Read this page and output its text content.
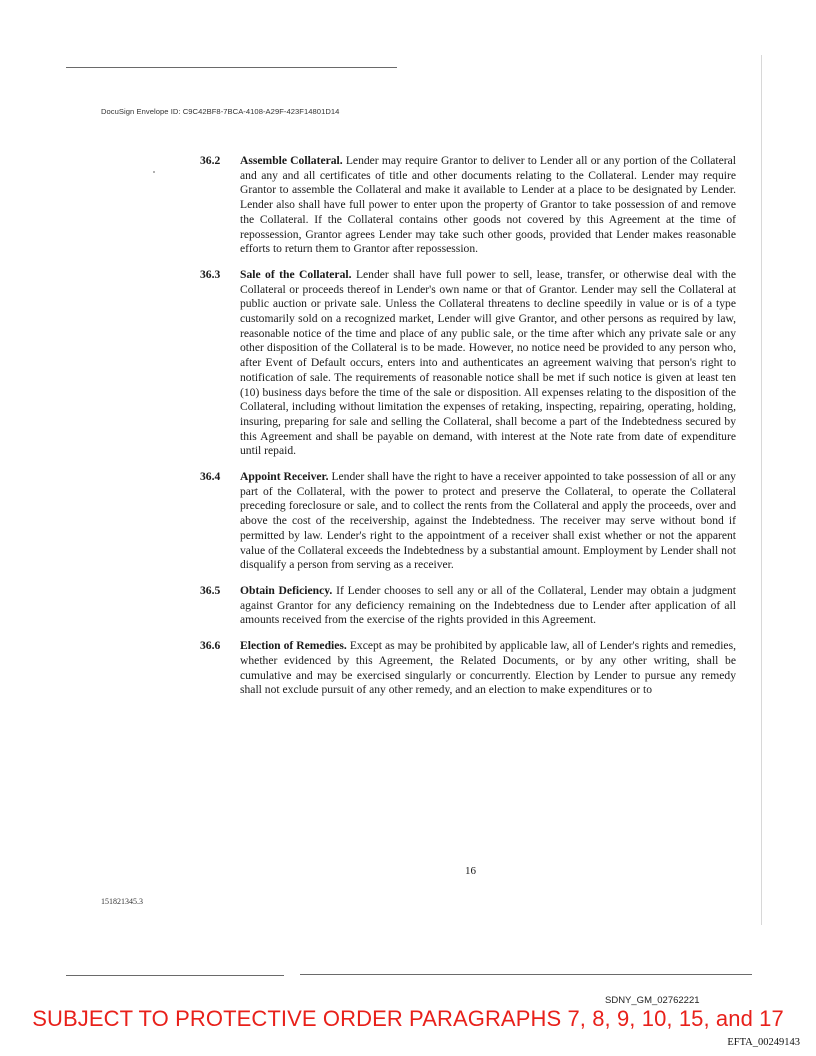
DocuSign Envelope ID: C9C42BF8-7BCA-4108-A29F-423F14801D14
36.2 Assemble Collateral. Lender may require Grantor to deliver to Lender all or any portion of the Collateral and any and all certificates of title and other documents relating to the Collateral. Lender may require Grantor to assemble the Collateral and make it available to Lender at a place to be designated by Lender. Lender also shall have full power to enter upon the property of Grantor to take possession of and remove the Collateral. If the Collateral contains other goods not covered by this Agreement at the time of repossession, Grantor agrees Lender may take such other goods, provided that Lender makes reasonable efforts to return them to Grantor after repossession.

36.3 Sale of the Collateral. Lender shall have full power to sell, lease, transfer, or otherwise deal with the Collateral or proceeds thereof in Lender's own name or that of Grantor. Lender may sell the Collateral at public auction or private sale. Unless the Collateral threatens to decline speedily in value or is of a type customarily sold on a recognized market, Lender will give Grantor, and other persons as required by law, reasonable notice of the time and place of any public sale, or the time after which any private sale or any other disposition of the Collateral is to be made. However, no notice need be provided to any person who, after Event of Default occurs, enters into and authenticates an agreement waiving that person's right to notification of sale. The requirements of reasonable notice shall be met if such notice is given at least ten (10) business days before the time of the sale or disposition. All expenses relating to the disposition of the Collateral, including without limitation the expenses of retaking, inspecting, repairing, operating, holding, insuring, preparing for sale and selling the Collateral, shall become a part of the Indebtedness secured by this Agreement and shall be payable on demand, with interest at the Note rate from date of expenditure until repaid.

36.4 Appoint Receiver. Lender shall have the right to have a receiver appointed to take possession of all or any part of the Collateral, with the power to protect and preserve the Collateral, to operate the Collateral preceding foreclosure or sale, and to collect the rents from the Collateral and apply the proceeds, over and above the cost of the receivership, against the Indebtedness. The receiver may serve without bond if permitted by law. Lender's right to the appointment of a receiver shall exist whether or not the apparent value of the Collateral exceeds the Indebtedness by a substantial amount. Employment by Lender shall not disqualify a person from serving as a receiver.

36.5 Obtain Deficiency. If Lender chooses to sell any or all of the Collateral, Lender may obtain a judgment against Grantor for any deficiency remaining on the Indebtedness due to Lender after application of all amounts received from the exercise of the rights provided in this Agreement.

36.6 Election of Remedies. Except as may be prohibited by applicable law, all of Lender's rights and remedies, whether evidenced by this Agreement, the Related Documents, or by any other writing, shall be cumulative and may be exercised singularly or concurrently. Election by Lender to pursue any remedy shall not exclude pursuit of any other remedy, and an election to make expenditures or to

16
151821345.3
SDNY_GM_02762221
SUBJECT TO PROTECTIVE ORDER PARAGRAPHS 7, 8, 9, 10, 15, and 17
EFTA_00249143
